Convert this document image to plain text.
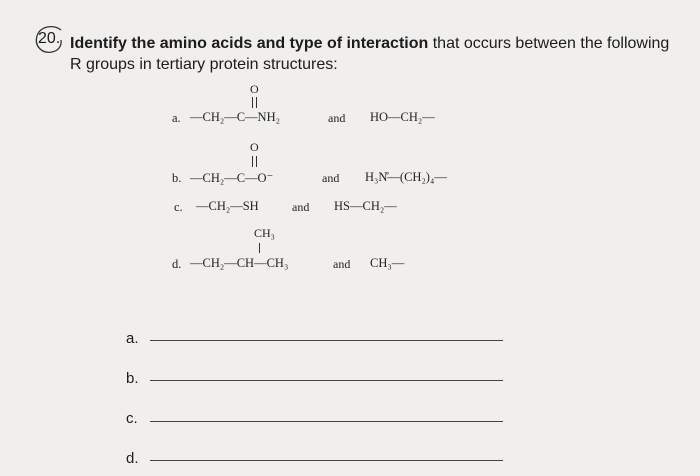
20. Identify the amino acids and type of interaction that occurs between the following R groups in tertiary protein structures:
O
a. —CH₂—C—NH₂	and HO—CH₂—
O
b. —CH₂—C—O⁻	and H₃N̊—(CH₂)₄—
c. —CH₂—SH	and HS—CH₂—
CH₃
d. —CH₂—CH—CH₃	and CH₃—
a.
b.
c.
d.
